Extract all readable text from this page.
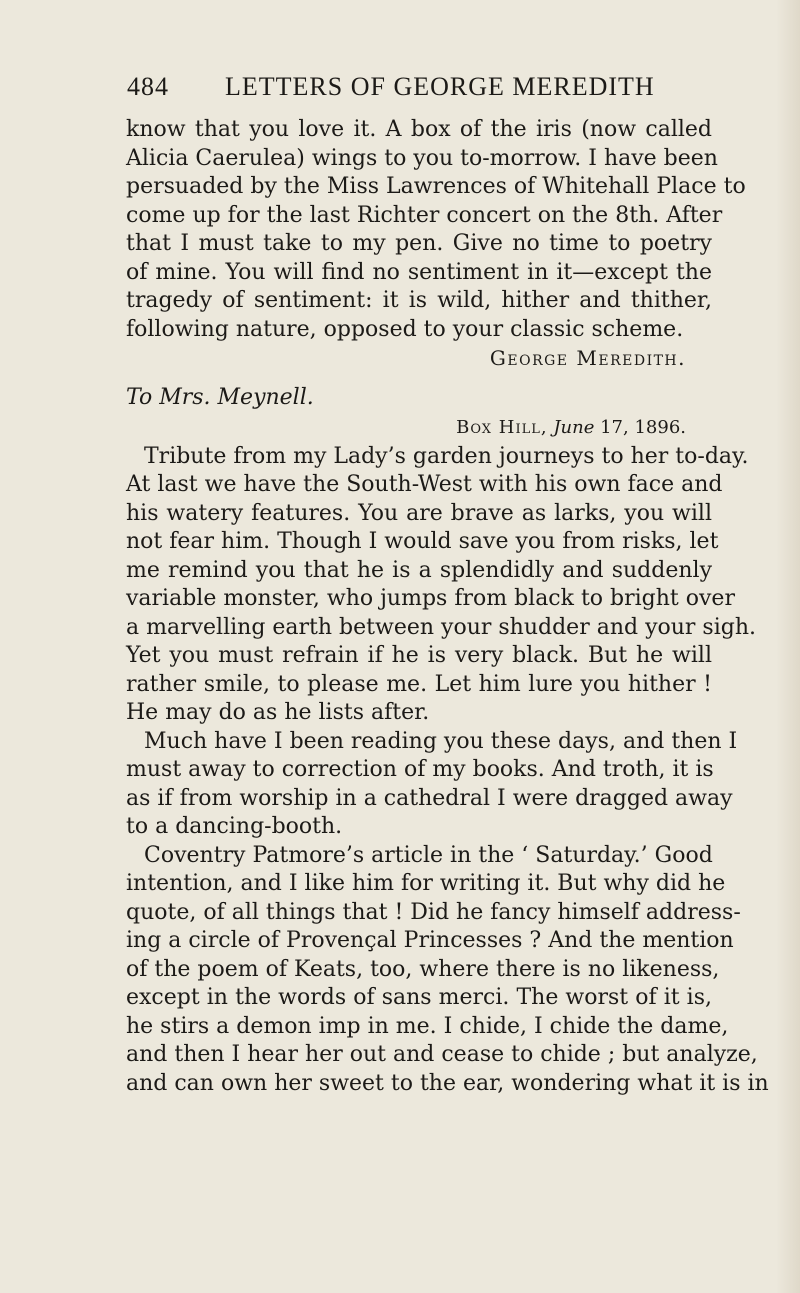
484 LETTERS OF GEORGE MEREDITH
know that you love it. A box of the iris (now called
Alicia Caerulea) wings to you to-morrow. I have been
persuaded by the Miss Lawrences of Whitehall Place to
come up for the last Richter concert on the 8th. After
that I must take to my pen. Give no time to poetry
of mine. You will find no sentiment in it—except the
tragedy of sentiment: it is wild, hither and thither,
following nature, opposed to your classic scheme.
George Meredith.
To Mrs. Meynell.
Box Hill, June 17, 1896.
Tribute from my Lady’s garden journeys to her to-day.
At last we have the South-West with his own face and
his watery features. You are brave as larks, you will
not fear him. Though I would save you from risks, let
me remind you that he is a splendidly and suddenly
variable monster, who jumps from black to bright over
a marvelling earth between your shudder and your sigh.
Yet you must refrain if he is very black. But he will
rather smile, to please me. Let him lure you hither !
He may do as he lists after.
Much have I been reading you these days, and then I
must away to correction of my books. And troth, it is
as if from worship in a cathedral I were dragged away
to a dancing-booth.
Coventry Patmore’s article in the ‘ Saturday.’ Good
intention, and I like him for writing it. But why did he
quote, of all things that ! Did he fancy himself address-
ing a circle of Provençal Princesses ? And the mention
of the poem of Keats, too, where there is no likeness,
except in the words of sans merci. The worst of it is,
he stirs a demon imp in me. I chide, I chide the dame,
and then I hear her out and cease to chide ; but analyze,
and can own her sweet to the ear, wondering what it is in
